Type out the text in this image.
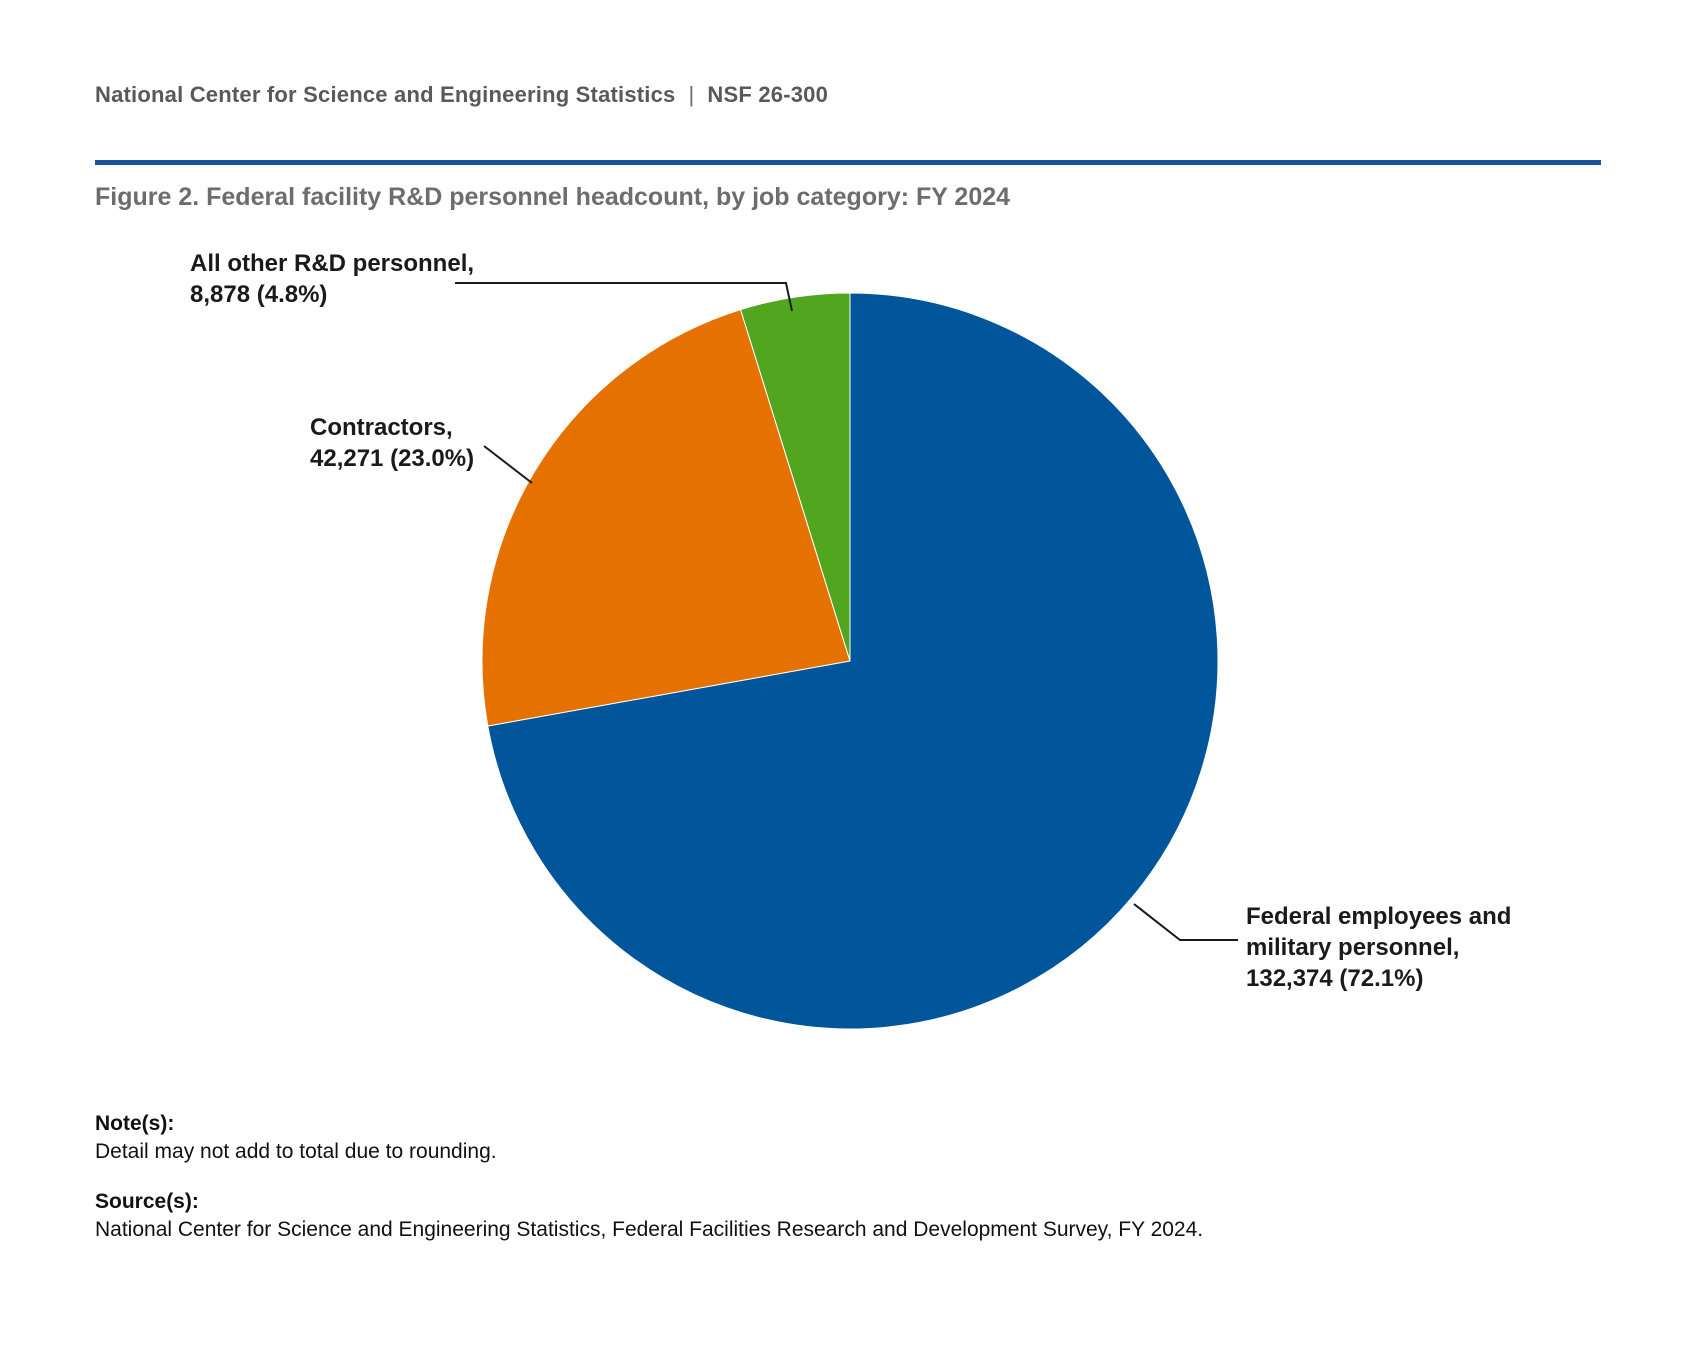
National Center for Science and Engineering Statistics | NSF 26-300
Figure 2. Federal facility R&D personnel headcount, by job category: FY 2024
All other R&D personnel,
8,878 (4.8%)
Contractors,
42,271 (23.0%)
Federal employees and
military personnel,
132,374 (72.1%)
Note(s):
Detail may not add to total due to rounding.
Source(s):
National Center for Science and Engineering Statistics, Federal Facilities Research and Development Survey, FY 2024.
